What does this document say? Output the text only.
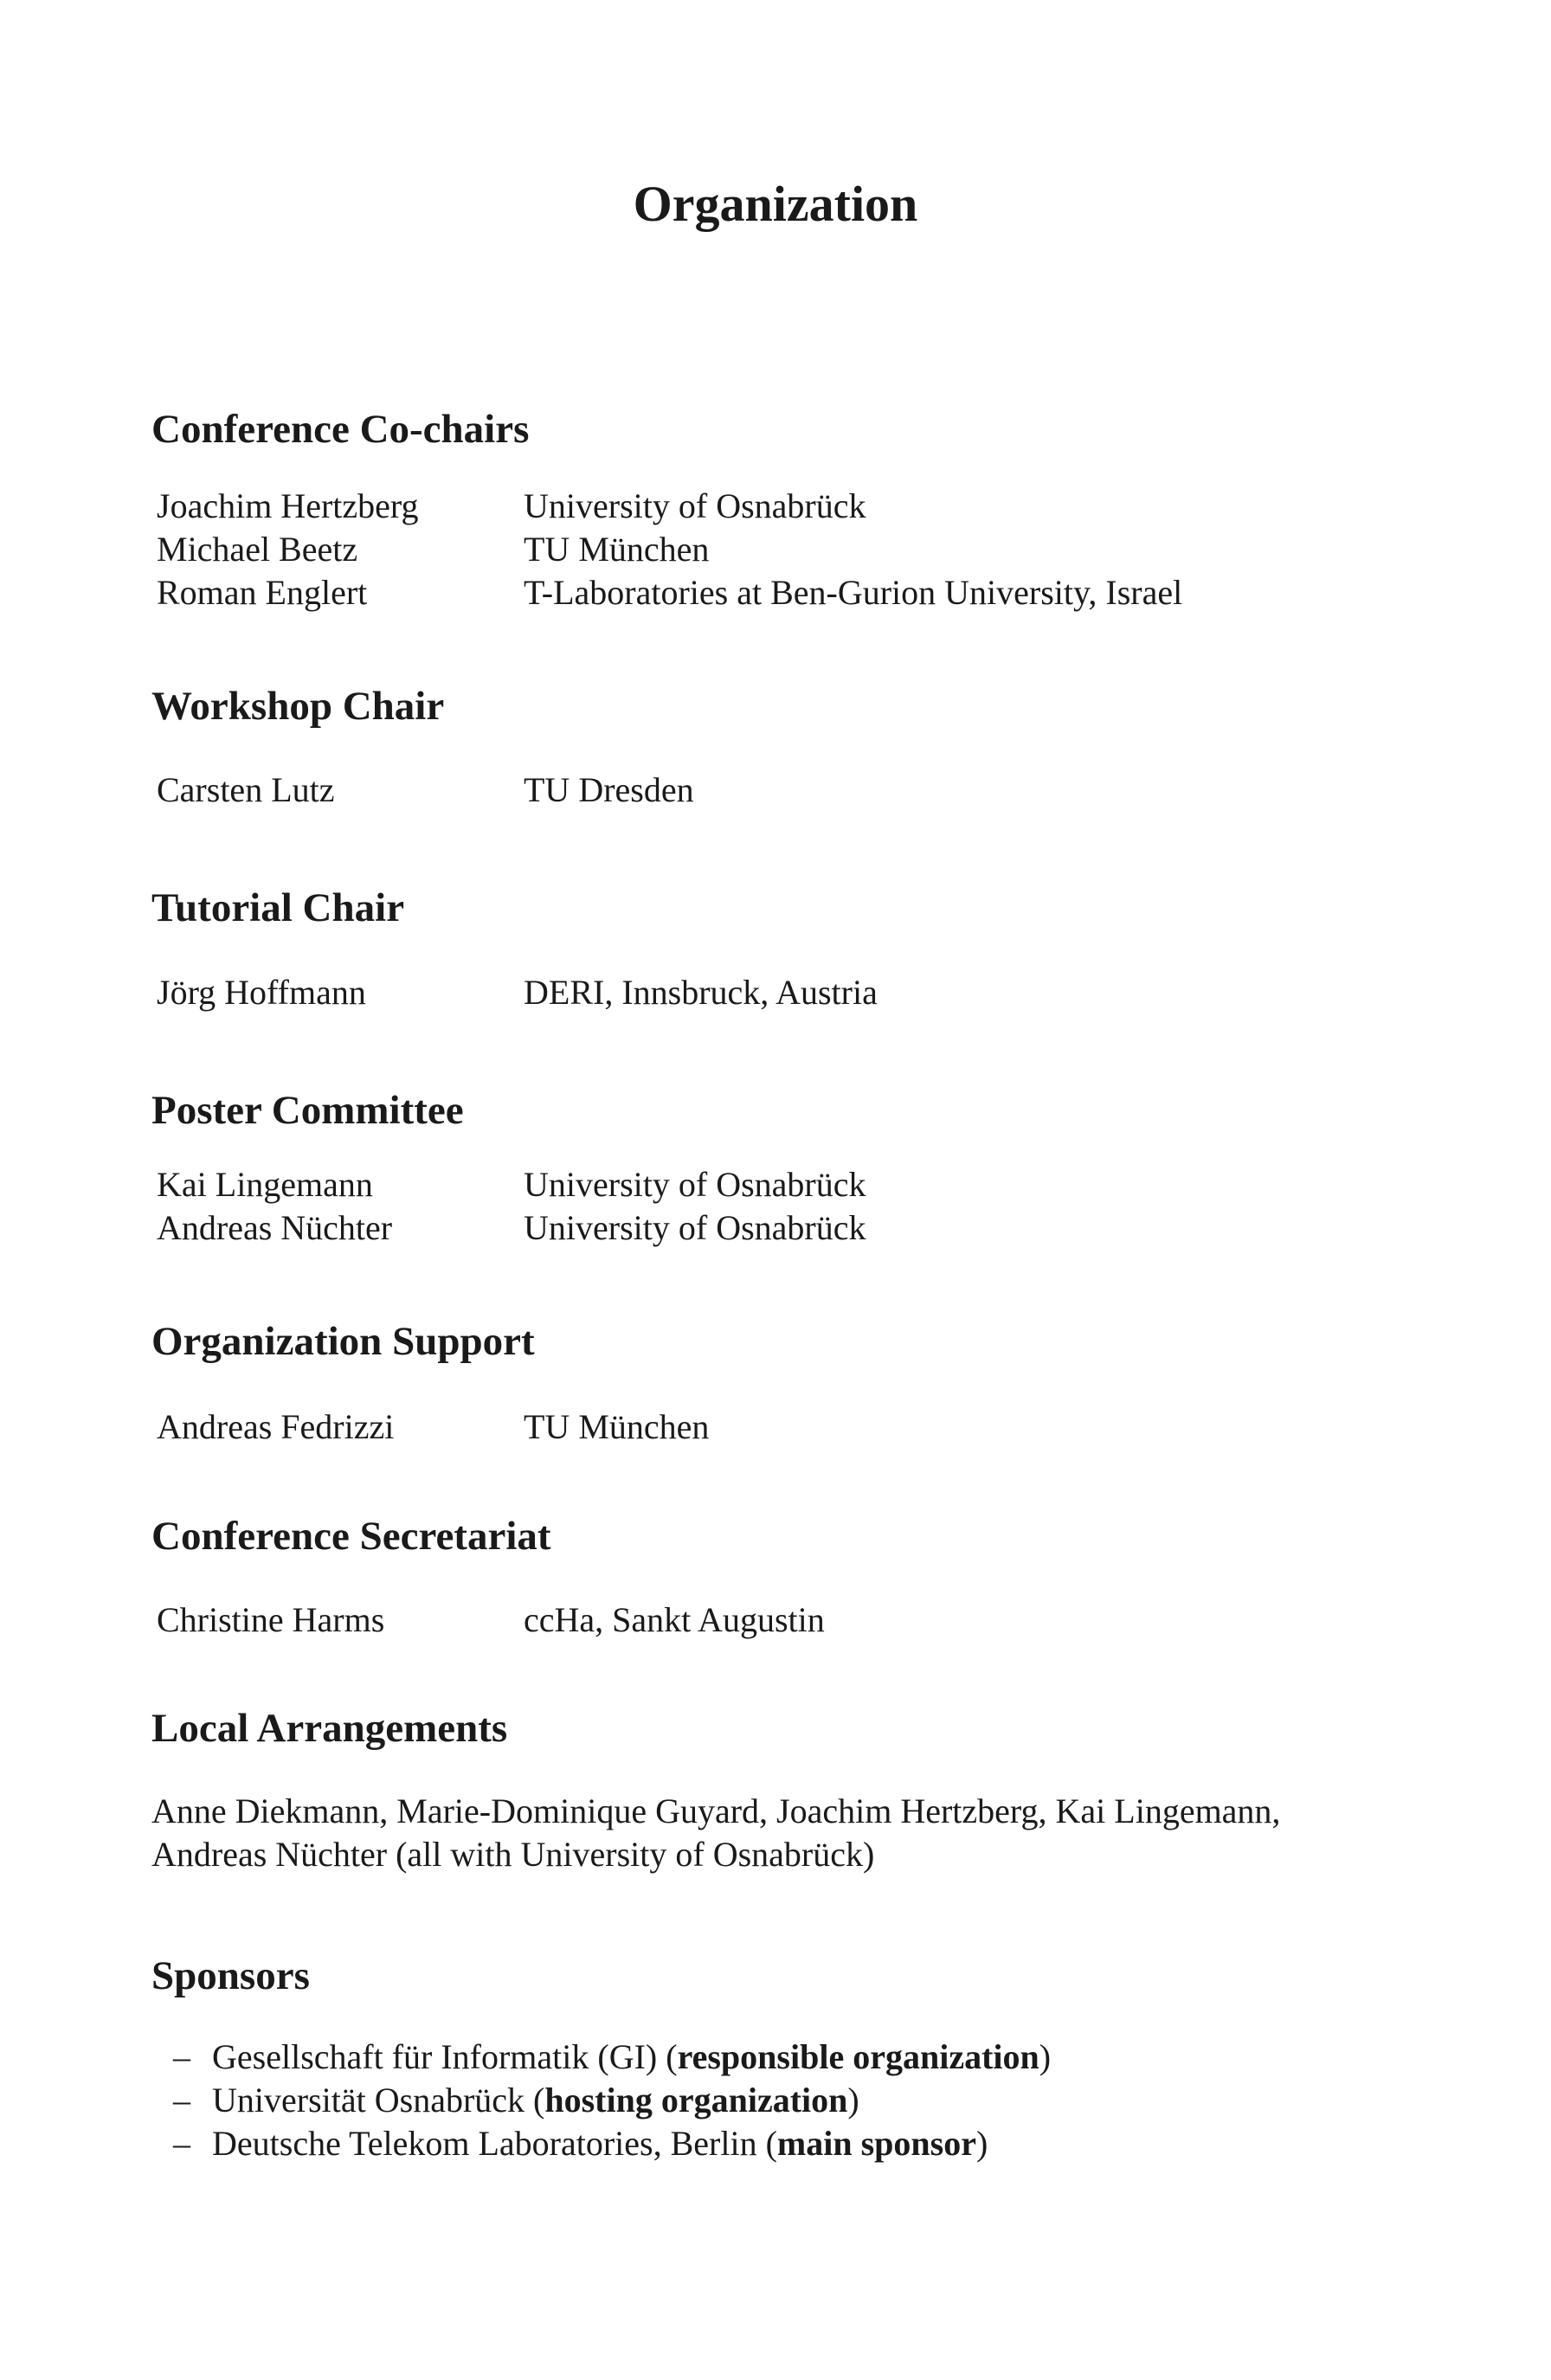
Organization
Conference Co-chairs
Joachim Hertzberg	University of Osnabrück
Michael Beetz	TU München
Roman Englert	T-Laboratories at Ben-Gurion University, Israel
Workshop Chair
Carsten Lutz	TU Dresden
Tutorial Chair
Jörg Hoffmann	DERI, Innsbruck, Austria
Poster Committee
Kai Lingemann	University of Osnabrück
Andreas Nüchter	University of Osnabrück
Organization Support
Andreas Fedrizzi	TU München
Conference Secretariat
Christine Harms	ccHa, Sankt Augustin
Local Arrangements
Anne Diekmann, Marie-Dominique Guyard, Joachim Hertzberg, Kai Lingemann,
Andreas Nüchter (all with University of Osnabrück)
Sponsors
– Gesellschaft für Informatik (GI) (responsible organization)
– Universität Osnabrück (hosting organization)
– Deutsche Telekom Laboratories, Berlin (main sponsor)
